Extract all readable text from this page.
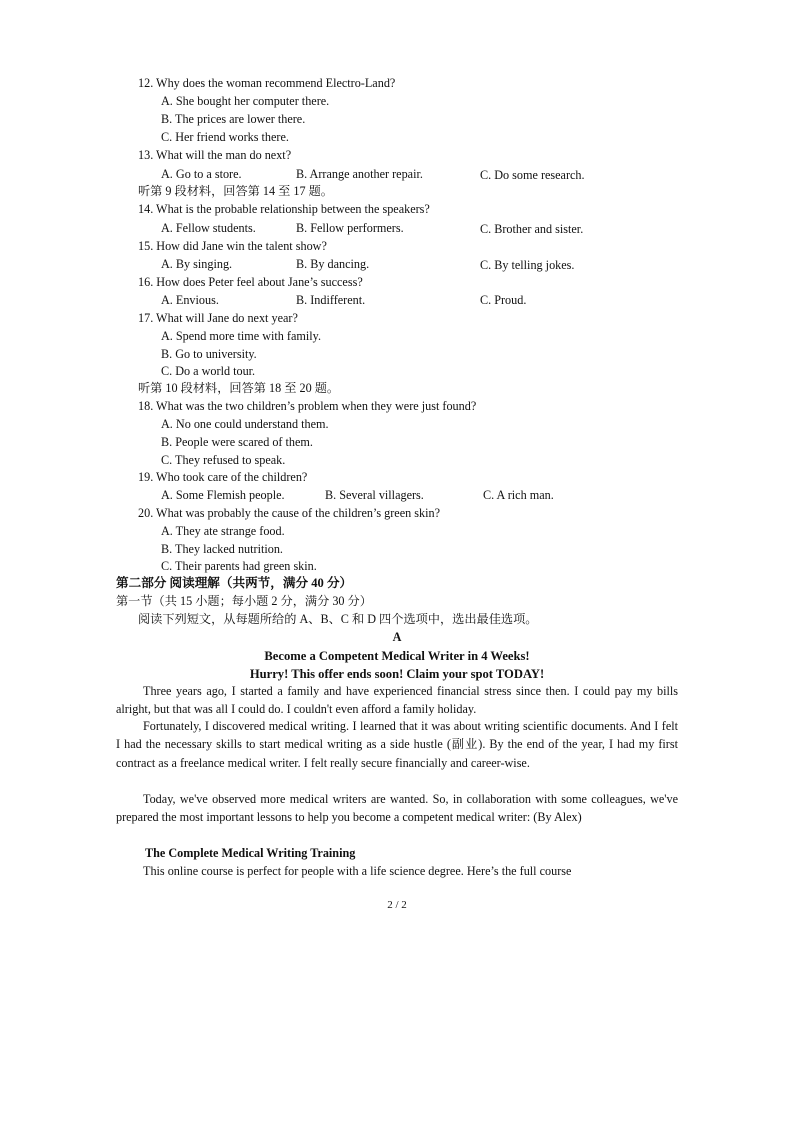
12. Why does the woman recommend Electro-Land?
A. She bought her computer there.
B. The prices are lower there.
C. Her friend works there.
13. What will the man do next?
A. Go to a store.	B. Arrange another repair.	C. Do some research.
听第 9 段材料，回答第 14 至 17 题。
14. What is the probable relationship between the speakers?
A. Fellow students.	B. Fellow performers.	C. Brother and sister.
15. How did Jane win the talent show?
A. By singing.	B. By dancing.	C. By telling jokes.
16. How does Peter feel about Jane’s success?
A. Envious.	B. Indifferent.	C. Proud.
17. What will Jane do next year?
A. Spend more time with family.
B. Go to university.
C. Do a world tour.
听第 10 段材料，回答第 18 至 20 题。
18. What was the two children’s problem when they were just found?
A. No one could understand them.
B. People were scared of them.
C. They refused to speak.
19. Who took care of the children?
A. Some Flemish people.	B. Several villagers.	C. A rich man.
20. What was probably the cause of the children’s green skin?
A. They ate strange food.
B. They lacked nutrition.
C. Their parents had green skin.
第二部分 阅读理解（共两节，满分 40 分）
第一节（共 15 小题；每小题 2 分，满分 30 分）
阅读下列短文，从每题所给的 A、B、C 和 D 四个选项中，选出最佳选项。
A
Become a Competent Medical Writer in 4 Weeks!
Hurry! This offer ends soon! Claim your spot TODAY!
Three years ago, I started a family and have experienced financial stress since then. I could pay my bills alright, but that was all I could do. I couldn't even afford a family holiday.
Fortunately, I discovered medical writing. I learned that it was about writing scientific documents. And I felt I had the necessary skills to start medical writing as a side hustle (副业). By the end of the year, I had my first contract as a freelance medical writer. I felt really secure financially and career-wise.
Today, we've observed more medical writers are wanted. So, in collaboration with some colleagues, we've prepared the most important lessons to help you become a competent medical writer: (By Alex)
The Complete Medical Writing Training
This online course is perfect for people with a life science degree. Here’s the full course
2 / 2
